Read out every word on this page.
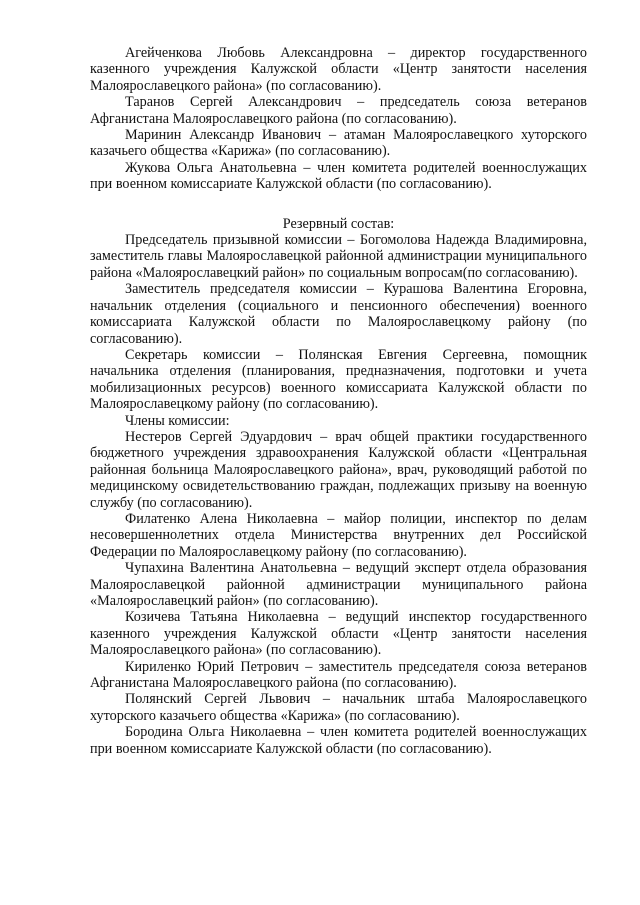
Агейченкова Любовь Александровна – директор государственного казенного учреждения Калужской области «Центр занятости населения Малоярославецкого района» (по согласованию).

Таранов Сергей Александрович – председатель союза ветеранов Афганистана Малоярославецкого района (по согласованию).

Маринин Александр Иванович – атаман Малоярославецкого хуторского казачьего общества «Карижа» (по согласованию).

Жукова Ольга Анатольевна – член комитета родителей военнослужащих при военном комиссариате Калужской области (по согласованию).

Резервный состав:

Председатель призывной комиссии – Богомолова Надежда Владимировна, заместитель главы Малоярославецкой районной администрации муниципального района «Малоярославецкий район» по социальным вопросам(по согласованию).

Заместитель председателя комиссии – Курашова Валентина Егоровна, начальник отделения (социального и пенсионного обеспечения) военного комиссариата Калужской области по Малоярославецкому району (по согласованию).

Секретарь комиссии – Полянская Евгения Сергеевна, помощник начальника отделения (планирования, предназначения, подготовки и учета мобилизационных ресурсов) военного комиссариата Калужской области по Малоярославецкому району (по согласованию).

Члены комиссии:

Нестеров Сергей Эдуардович – врач общей практики государственного бюджетного учреждения здравоохранения Калужской области «Центральная районная больница Малоярославецкого района», врач, руководящий работой по медицинскому освидетельствованию граждан, подлежащих призыву на военную службу (по согласованию).

Филатенко Алена Николаевна – майор полиции, инспектор по делам несовершеннолетних отдела Министерства внутренних дел Российской Федерации по Малоярославецкому району (по согласованию).

Чупахина Валентина Анатольевна – ведущий эксперт отдела образования Малоярославецкой районной администрации муниципального района «Малоярославецкий район» (по согласованию).

Козичева Татьяна Николаевна – ведущий инспектор государственного казенного учреждения Калужской области «Центр занятости населения Малоярославецкого района» (по согласованию).

Кириленко Юрий Петрович – заместитель председателя союза ветеранов Афганистана Малоярославецкого района (по согласованию).

Полянский Сергей Львович – начальник штаба Малоярославецкого хуторского казачьего общества «Карижа» (по согласованию).

Бородина Ольга Николаевна – член комитета родителей военнослужащих при военном комиссариате Калужской области (по согласованию).
